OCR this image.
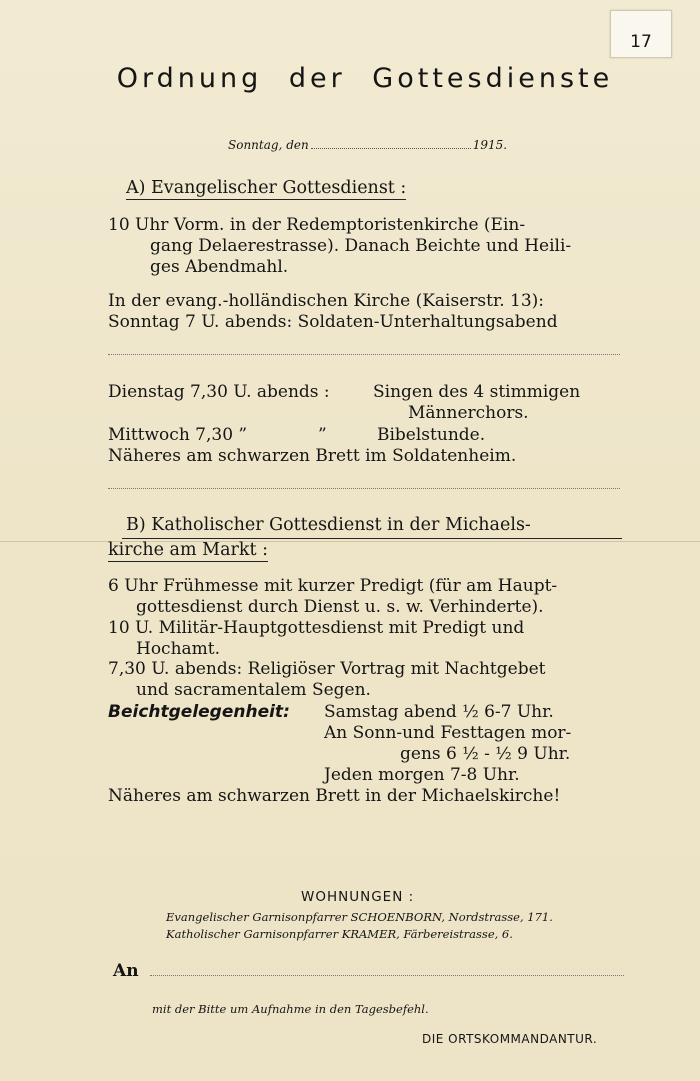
17
Ordnung der Gottesdienste
Sonntag, den	1915.
A) Evangelischer Gottesdienst :
10 Uhr Vorm. in der Redemptoristenkirche (Ein-
gang Delaerestrasse). Danach Beichte und Heili-
ges Abendmahl.
In der evang.-holländischen Kirche (Kaiserstr. 13):
Sonntag 7 U. abends: Soldaten-Unterhaltungsabend
Dienstag 7,30 U. abends :	Singen des 4 stimmigen
Männerchors.
Mittwoch 7,30 ”	”	Bibelstunde.
Näheres am schwarzen Brett im Soldatenheim.
B) Katholischer Gottesdienst in der Michaels-
kirche am Markt :
6 Uhr Frühmesse mit kurzer Predigt (für am Haupt-
gottesdienst durch Dienst u. s. w. Verhinderte).
10 U. Militär-Hauptgottesdienst mit Predigt und
Hochamt.
7,30 U. abends: Religiöser Vortrag mit Nachtgebet
und sacramentalem Segen.
Beichtgelegenheit: Samstag abend ½ 6-7 Uhr.
An Sonn-und Festtagen mor-
gens 6 ½ - ½ 9 Uhr.
Jeden morgen 7-8 Uhr.
Näheres am schwarzen Brett in der Michaelskirche!
WOHNUNGEN :
Evangelischer Garnisonpfarrer SCHOENBORN, Nordstrasse, 171.
Katholischer Garnisonpfarrer KRAMER, Färbereistrasse, 6.
An
mit der Bitte um Aufnahme in den Tagesbefehl.
DIE ORTSKOMMANDANTUR.
